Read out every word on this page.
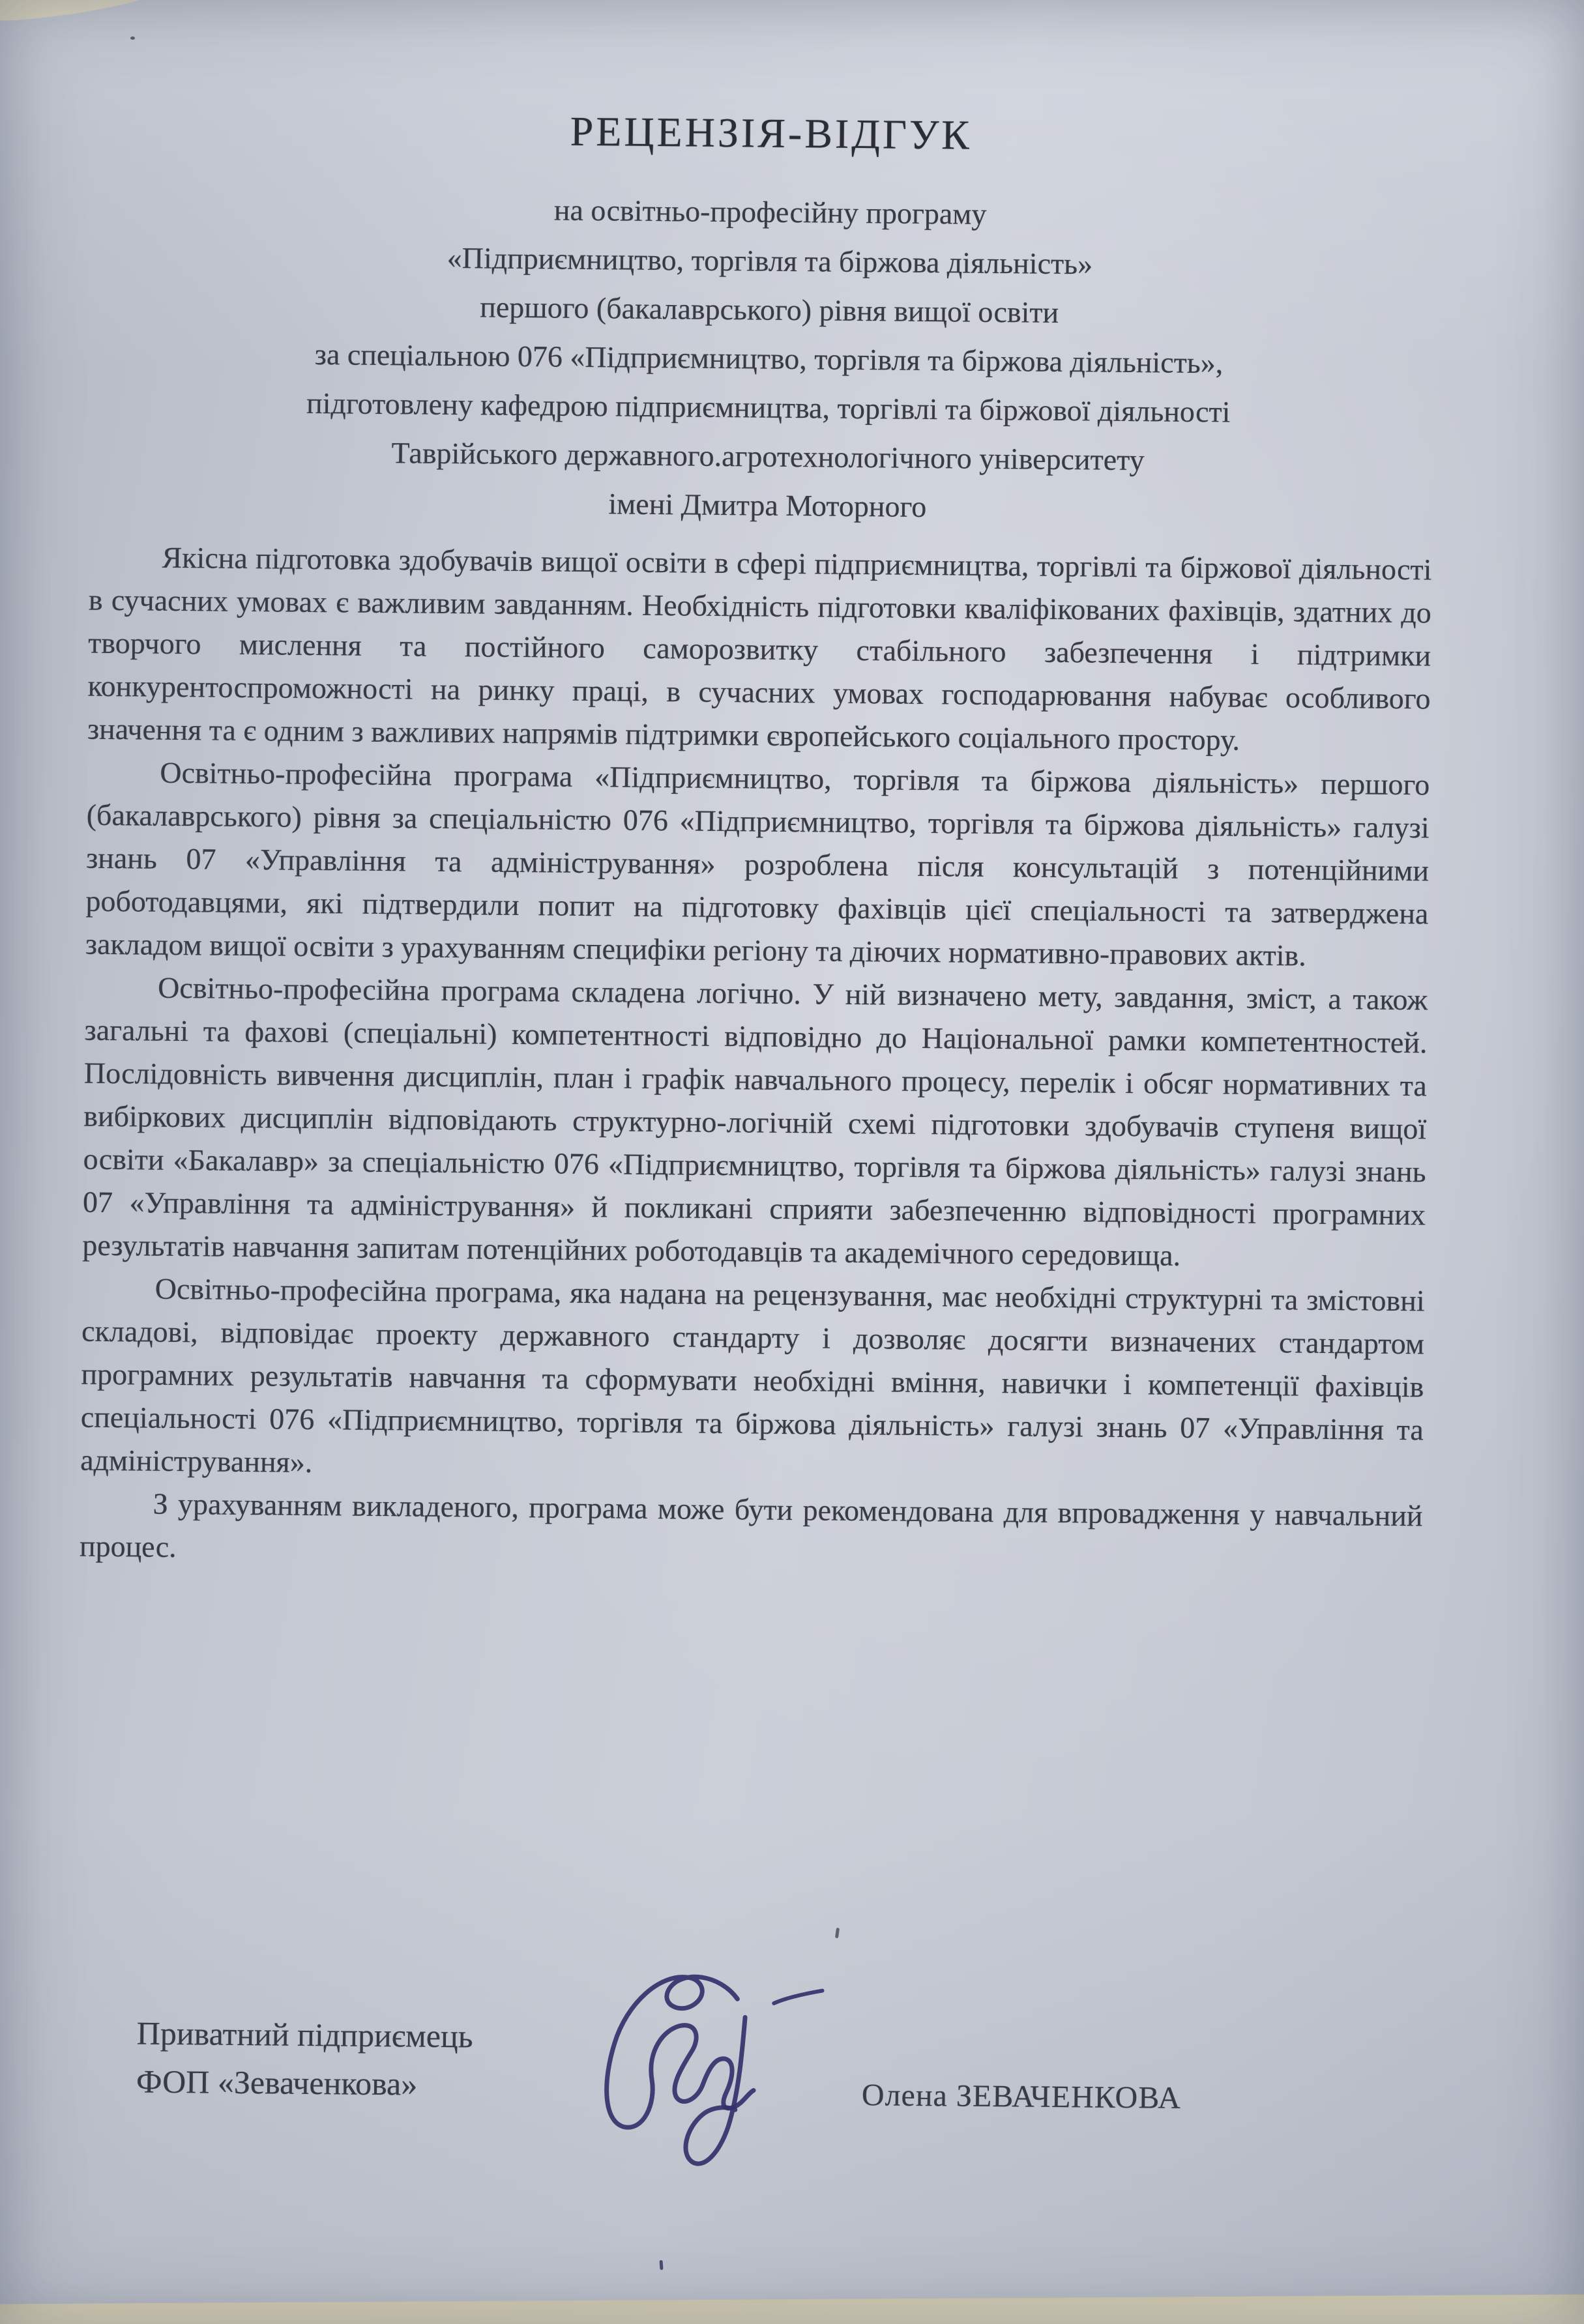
РЕЦЕНЗІЯ-ВІДГУК
на освітньо-професійну програму
«Підприємництво, торгівля та біржова діяльність»
першого (бакалаврського) рівня вищої освіти
за спеціальною 076 «Підприємництво, торгівля та біржова діяльність»,
підготовлену кафедрою підприємництва, торгівлі та біржової діяльності
Таврійського державного.агротехнологічного університету
імені Дмитра Моторного

Якісна підготовка здобувачів вищої освіти в сфері підприємництва, торгівлі та біржової діяльності в сучасних умовах є важливим завданням. Необхідність підготовки кваліфікованих фахівців, здатних до творчого мислення та постійного саморозвитку стабільного забезпечення і підтримки конкурентоспроможності на ринку праці, в сучасних умовах господарювання набуває особливого значення та є одним з важливих напрямів підтримки європейського соціального простору.

Освітньо-професійна програма «Підприємництво, торгівля та біржова діяльність» першого (бакалаврського) рівня за спеціальністю 076 «Підприємництво, торгівля та біржова діяльність» галузі знань 07 «Управління та адміністрування» розроблена після консультацій з потенційними роботодавцями, які підтвердили попит на підготовку фахівців цієї спеціальності та затверджена закладом вищої освіти з урахуванням специфіки регіону та діючих нормативно-правових актів.

Освітньо-професійна програма складена логічно. У ній визначено мету, завдання, зміст, а також загальні та фахові (спеціальні) компетентності відповідно до Національної рамки компетентностей. Послідовність вивчення дисциплін, план і графік навчального процесу, перелік і обсяг нормативних та вибіркових дисциплін відповідають структурно-логічній схемі підготовки здобувачів ступеня вищої освіти «Бакалавр» за спеціальністю 076 «Підприємництво, торгівля та біржова діяльність» галузі знань 07 «Управління та адміністрування» й покликані сприяти забезпеченню відповідності програмних результатів навчання запитам потенційних роботодавців та академічного середовища.

Освітньо-професійна програма, яка надана на рецензування, має необхідні структурні та змістовні складові, відповідає проекту державного стандарту і дозволяє досягти визначених стандартом програмних результатів навчання та сформувати необхідні вміння, навички і компетенції фахівців спеціальності 076 «Підприємництво, торгівля та біржова діяльність» галузі знань 07 «Управління та адміністрування».

З урахуванням викладеного, програма може бути рекомендована для впровадження у навчальний процес.

Приватний підприємець
ФОП «Зеваченкова»	Олена ЗЕВАЧЕНКОВА
